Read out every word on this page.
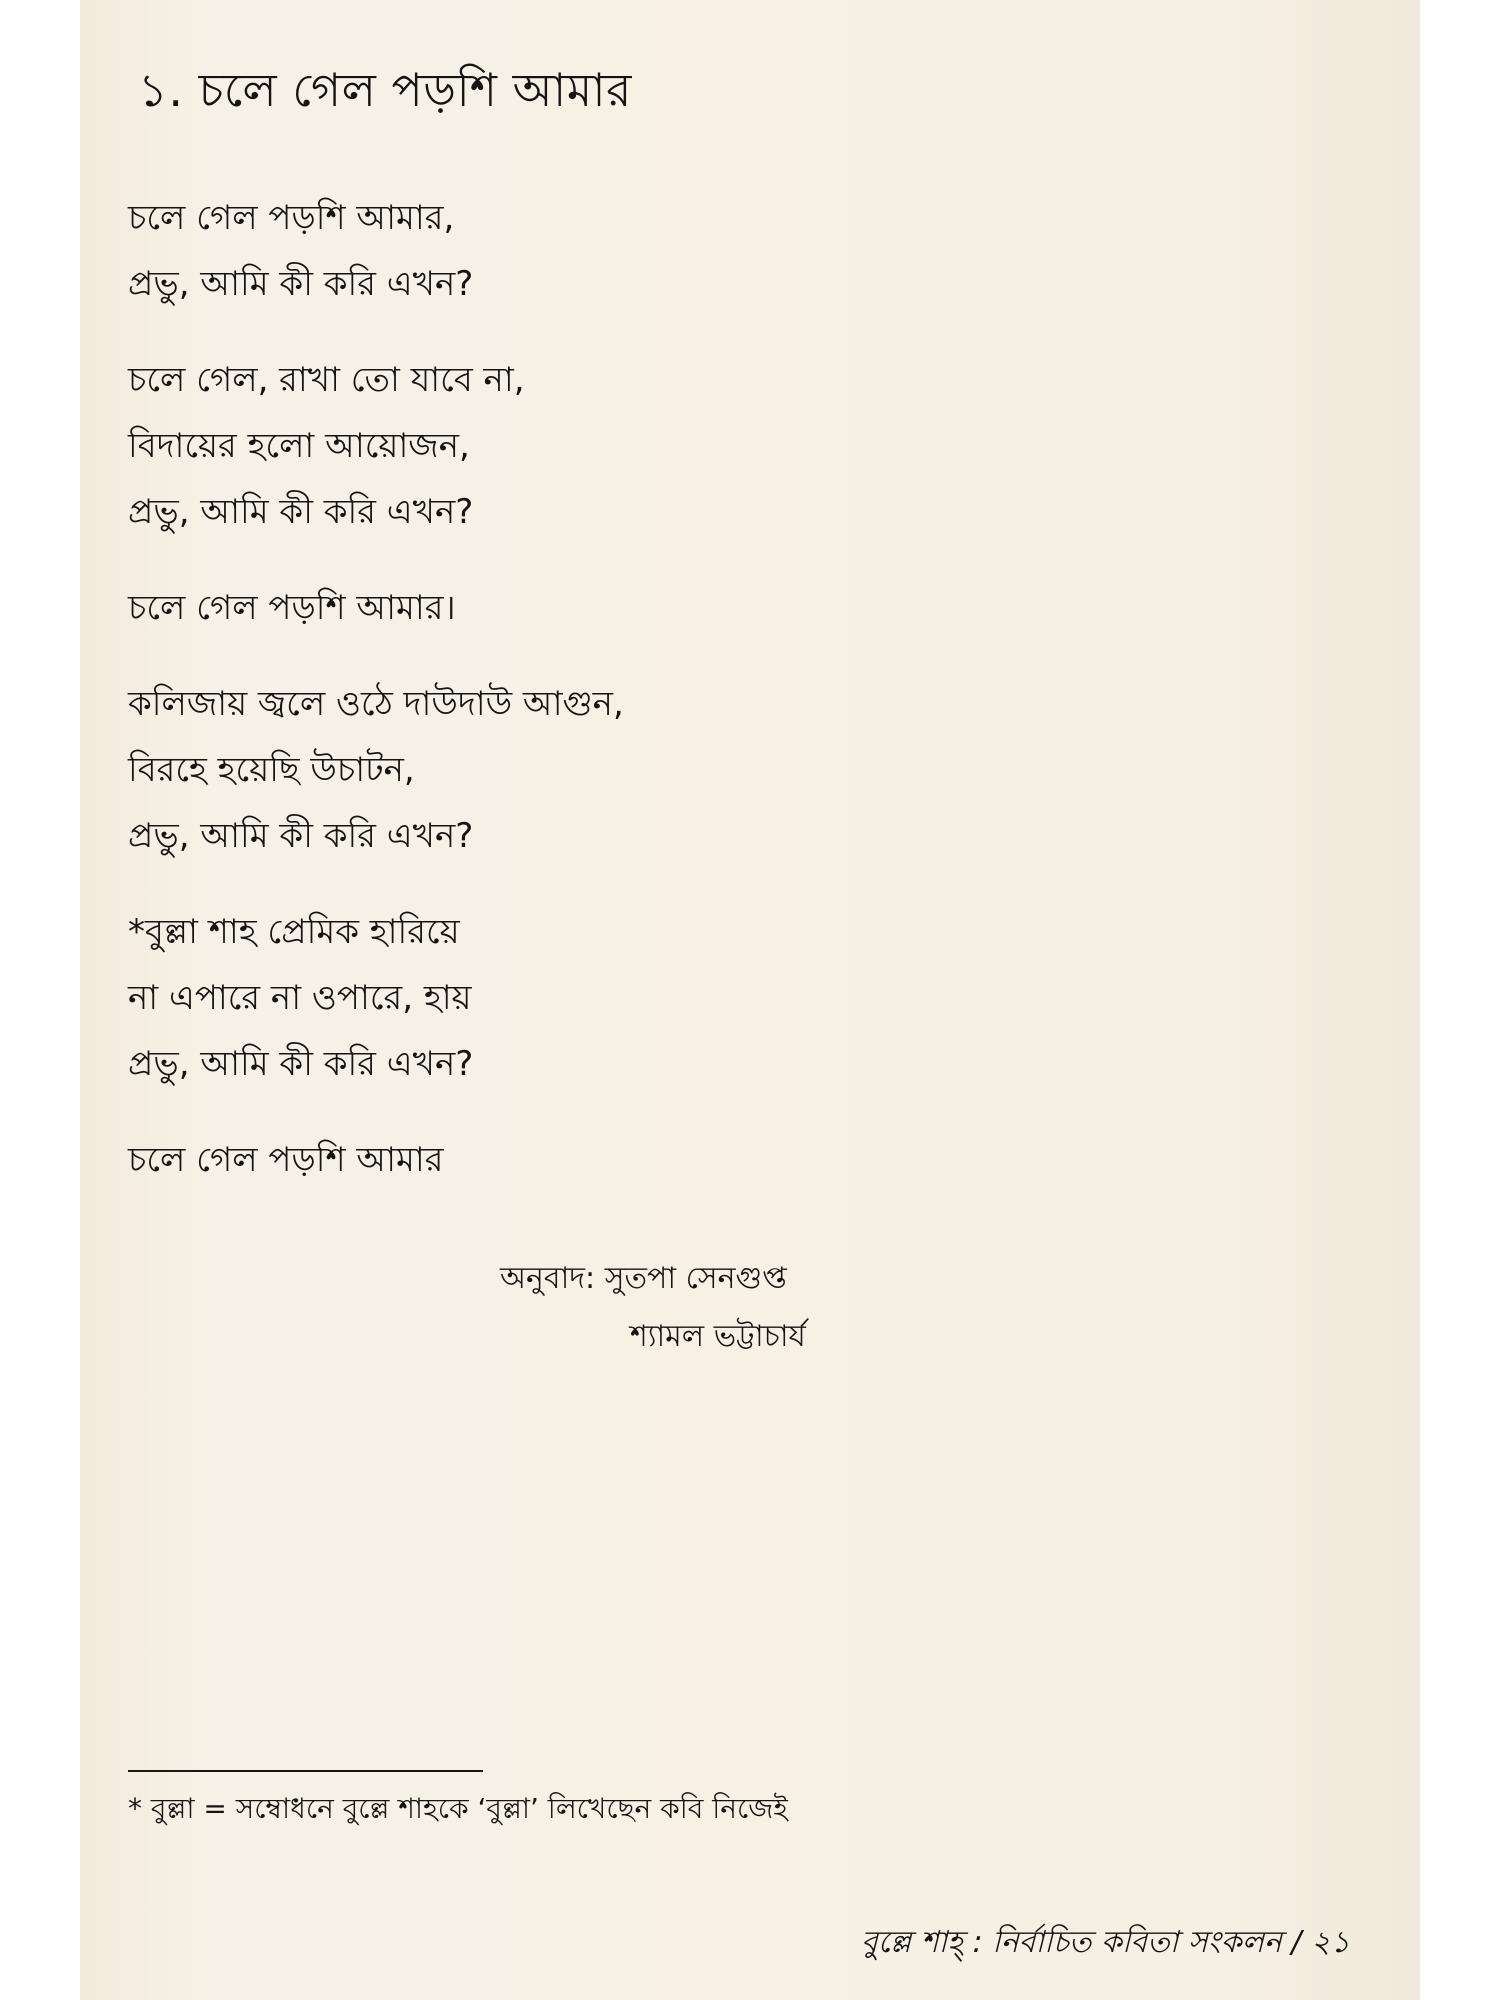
১. চলে গেল পড়শি আমার
চলে গেল পড়শি আমার,
প্রভু, আমি কী করি এখন?
চলে গেল, রাখা তো যাবে না,
বিদায়ের হলো আয়োজন,
প্রভু, আমি কী করি এখন?
চলে গেল পড়শি আমার।
কলিজায় জ্বলে ওঠে দাউদাউ আগুন,
বিরহে হয়েছি উচাটন,
প্রভু, আমি কী করি এখন?
*বুল্লা শাহ প্রেমিক হারিয়ে
না এপারে না ওপারে, হায়
প্রভু, আমি কী করি এখন?
চলে গেল পড়শি আমার
অনুবাদ: সুতপা সেনগুপ্ত
শ্যামল ভট্টাচার্য
* বুল্লা = সম্বোধনে বুল্লে শাহকে ‘বুল্লা’ লিখেছেন কবি নিজেই
বুল্লে শাহ্ : নির্বাচিত কবিতা সংকলন / ২১
